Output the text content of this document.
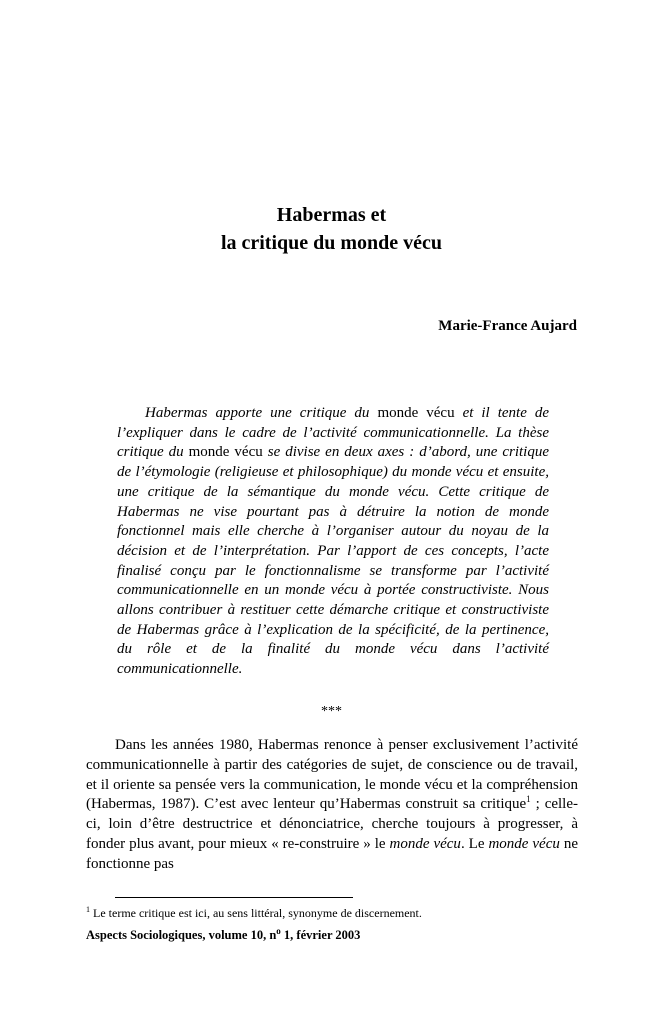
Habermas et
la critique du monde vécu
Marie-France Aujard

Habermas apporte une critique du monde vécu et il tente de l’expliquer dans le cadre de l’activité communicationnelle. La thèse critique du monde vécu se divise en deux axes : d’abord, une critique de l’étymologie (religieuse et philosophique) du monde vécu et ensuite, une critique de la sémantique du monde vécu. Cette critique de Habermas ne vise pourtant pas à détruire la notion de monde fonctionnel mais elle cherche à l’organiser autour du noyau de la décision et de l’interprétation. Par l’apport de ces concepts, l’acte finalisé conçu par le fonctionnalisme se transforme par l’activité communicationnelle en un monde vécu à portée constructiviste. Nous allons contribuer à restituer cette démarche critique et constructiviste de Habermas grâce à l’explication de la spécificité, de la pertinence, du rôle et de la finalité du monde vécu dans l’activité communicationnelle.

***

Dans les années 1980, Habermas renonce à penser exclusivement l’activité communicationnelle à partir des catégories de sujet, de conscience ou de travail, et il oriente sa pensée vers la communication, le monde vécu et la compréhension (Habermas, 1987). C’est avec lenteur qu’Habermas construit sa critique$^1$ ; celle-ci, loin d’être destructrice et dénonciatrice, cherche toujours à progresser, à fonder plus avant, pour mieux « re-construire » le monde vécu. Le monde vécu ne fonctionne pas

$^1$ Le terme critique est ici, au sens littéral, synonyme de discernement.
Aspects Sociologiques, volume 10, $n^o$ 1, février 2003
